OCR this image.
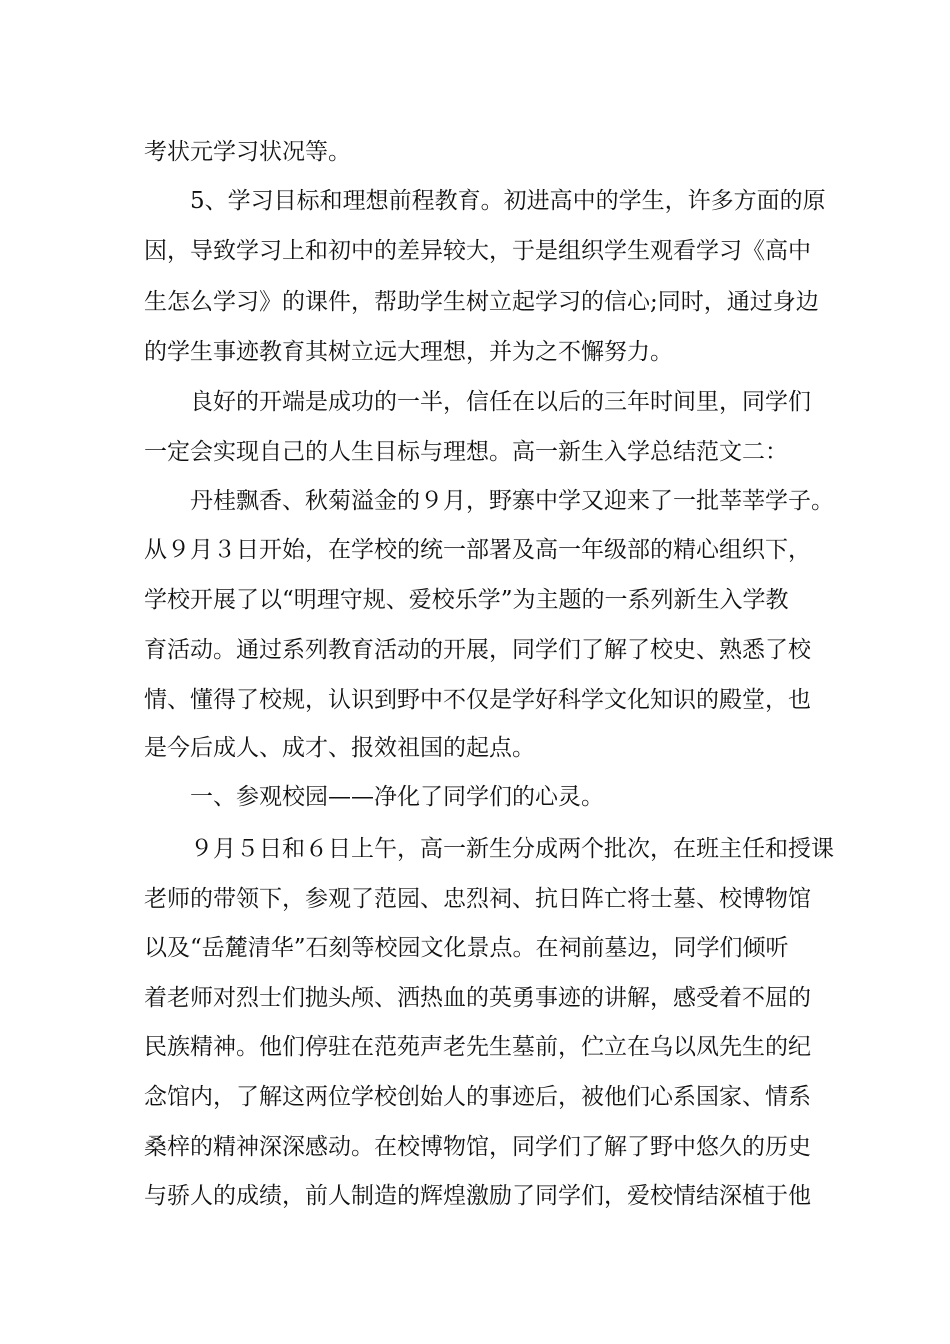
考状元学习状况等。
5、学习目标和理想前程教育。初进高中的学生，许多方面的原
因，导致学习上和初中的差异较大，于是组织学生观看学习《高中
生怎么学习》的课件，帮助学生树立起学习的信心;同时，通过身边
的学生事迹教育其树立远大理想，并为之不懈努力。
良好的开端是成功的一半，信任在以后的三年时间里，同学们
一定会实现自己的人生目标与理想。高一新生入学总结范文二：
丹桂飘香、秋菊溢金的９月，野寨中学又迎来了一批莘莘学子。
从９月３日开始，在学校的统一部署及高一年级部的精心组织下，
学校开展了以“明理守规、爱校乐学”为主题的一系列新生入学教
育活动。通过系列教育活动的开展，同学们了解了校史、熟悉了校
情、懂得了校规，认识到野中不仅是学好科学文化知识的殿堂，也
是今后成人、成才、报效祖国的起点。
一、参观校园——净化了同学们的心灵。
９月５日和６日上午，高一新生分成两个批次，在班主任和授课
老师的带领下，参观了范园、忠烈祠、抗日阵亡将士墓、校博物馆
以及“岳麓清华”石刻等校园文化景点。在祠前墓边，同学们倾听
着老师对烈士们抛头颅、洒热血的英勇事迹的讲解，感受着不屈的
民族精神。他们停驻在范苑声老先生墓前，伫立在乌以凤先生的纪
念馆内，了解这两位学校创始人的事迹后，被他们心系国家、情系
桑梓的精神深深感动。在校博物馆，同学们了解了野中悠久的历史
与骄人的成绩，前人制造的辉煌激励了同学们，爱校情结深植于他
